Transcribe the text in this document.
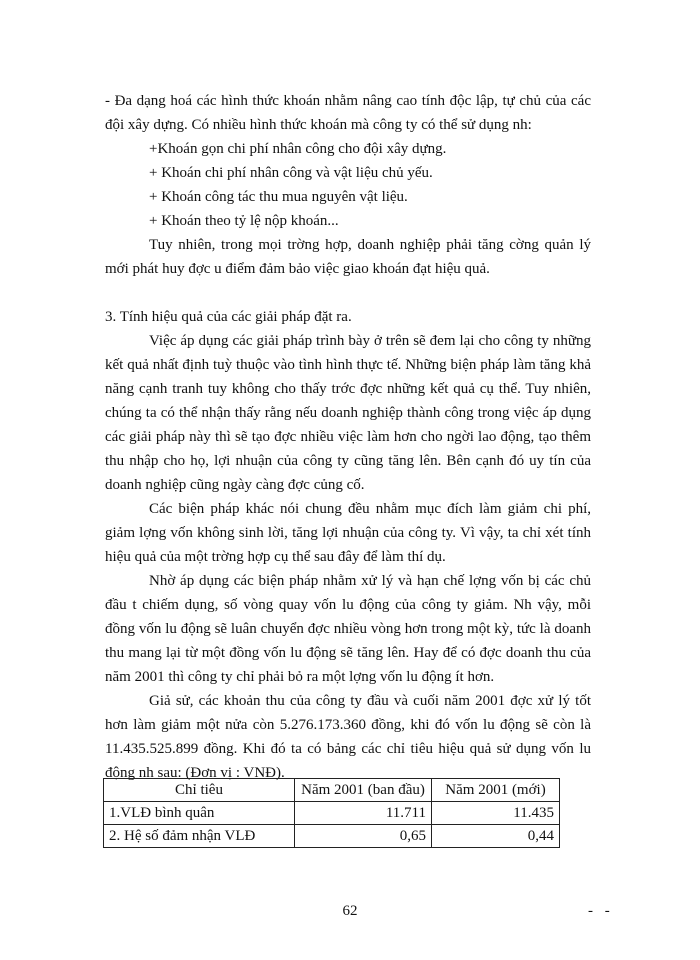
- Đa dạng hoá các hình thức khoán nhằm nâng cao tính độc lập, tự chủ của các đội xây dựng. Có nhiều hình thức khoán mà công ty có thể sử dụng nh:

+Khoán gọn chi phí nhân công cho đội xây dựng.

+ Khoán chi phí nhân công và vật liệu chủ yếu.

+ Khoán công tác thu mua nguyên vật liệu.

+ Khoán theo tỷ lệ nộp khoán...

Tuy nhiên, trong mọi trờng hợp, doanh nghiệp phải tăng cờng quản lý mới phát huy đợc u điểm đảm bảo việc giao khoán đạt hiệu quả.

3. Tính hiệu quả của các giải pháp đặt ra.

Việc áp dụng các giải pháp trình bày ở trên sẽ đem lại cho công ty những kết quả nhất định tuỳ thuộc vào tình hình thực tế. Những biện pháp làm tăng khả năng cạnh tranh tuy không cho thấy trớc đợc những kết quả cụ thể. Tuy nhiên, chúng ta có thể nhận thấy rằng nếu doanh nghiệp thành công trong việc áp dụng các giải pháp này thì sẽ tạo đợc nhiều việc làm hơn cho ngời lao động, tạo thêm thu nhập cho họ, lợi nhuận của công ty cũng tăng lên. Bên cạnh đó uy tín của doanh nghiệp cũng ngày càng đợc củng cố.

Các biện pháp khác nói chung đều nhằm mục đích làm giảm chi phí, giảm lợng vốn không sinh lời, tăng lợi nhuận của công ty. Vì vậy, ta chỉ xét tính hiệu quả của một trờng hợp cụ thể sau đây để làm thí dụ.

Nhờ áp dụng các biện pháp nhằm xử lý và hạn chế lợng vốn bị các chủ đầu t chiếm dụng, số vòng quay vốn lu động của công ty giảm. Nh vậy, mỗi đồng vốn lu động sẽ luân chuyển đợc nhiều vòng hơn trong một kỳ, tức là doanh thu mang lại từ một đồng vốn lu động sẽ tăng lên. Hay để có đợc doanh thu của năm 2001 thì công ty chỉ phải bỏ ra một lợng vốn lu động ít hơn.

Giả sử, các khoản thu của công ty đầu và cuối năm 2001 đợc xử lý tốt hơn làm giảm một nửa còn 5.276.173.360 đồng, khi đó vốn lu động sẽ còn là 11.435.525.899 đồng. Khi đó ta có bảng các chỉ tiêu hiệu quả sử dụng vốn lu động nh sau: (Đơn vị : VNĐ).

Chỉ tiêu	Năm 2001 (ban đầu)	Năm 2001 (mới)
1.VLĐ bình quân	11.711	11.435
2. Hệ số đảm nhận VLĐ	0,65	0,44
62	- -
